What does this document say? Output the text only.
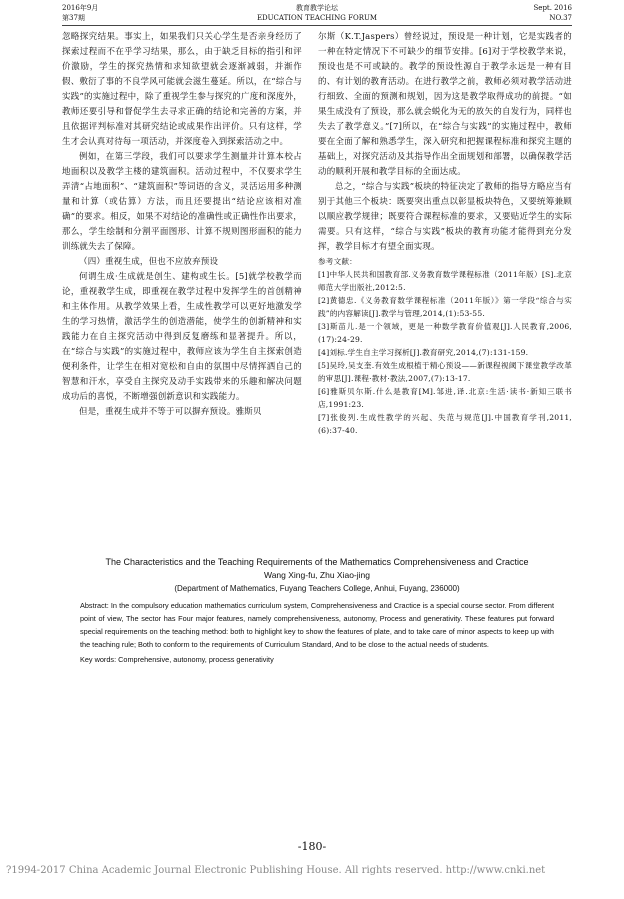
2016年9月
第37期
教育教学论坛
EDUCATION TEACHING FORUM
Sept. 2016
NO.37

忽略探究结果。事实上，如果我们只关心学生是否亲身经历了探索过程而不在乎学习结果，那么，由于缺乏目标的指引和评价激励，学生的探究热情和求知欲望就会逐渐减弱，并渐作假、敷衍了事的不良学风可能就会滋生蔓延。所以，在“综合与实践”的实施过程中，除了重视学生参与探究的广度和深度外，教师还要引导和督促学生去寻求正确的结论和完善的方案，并且依据评判标准对其研究结论或成果作出评价。只有这样，学生才会认真对待每一项活动，并深度卷入到探索活动之中。

例如，在第三学段，我们可以要求学生测量并计算本校占地面积以及教学主楼的建筑面积。活动过程中，不仅要求学生弄清“占地面积”、“建筑面积”等词语的含义，灵活运用多种测量和计算（或估算）方法，而且还要提出“结论应该相对准确”的要求。相反，如果不对结论的准确性或正确性作出要求，那么，学生绘制和分割平面图形、计算不规则图形面积的能力训练就失去了保障。

（四）重视生成，但也不应放弃预设

何谓生成·生成就是创生、建构或生长。[5]就学校教学而论，重视教学生成，即重视在教学过程中发挥学生的首创精神和主体作用。从教学效果上看，生成性教学可以更好地激发学生的学习热情，激活学生的创造潜能，使学生的创新精神和实践能力在自主探究活动中得到反复磨练和显著提升。所以，在“综合与实践”的实施过程中，教师应该为学生自主探索创造便利条件，让学生在相对宽松和自由的氛围中尽情挥洒自己的智慧和汗水，享受自主探究及动手实践带来的乐趣和解决问题成功后的喜悦，不断增强创新意识和实践能力。

但是，重视生成并不等于可以摒弃预设。雅斯贝

尔斯（K.T.Jaspers）曾经说过，预设是一种计划，它是实践者的一种在特定情况下不可缺少的细节安排。[6]对于学校教学来说，预设也是不可或缺的。教学的预设性源自于教学永远是一种有目的、有计划的教育活动。在进行教学之前，教师必须对教学活动进行细致、全面的预测和规划，因为这是教学取得成功的前提。“如果生成没有了预设，那么就会蜕化为无的放矢的自发行为，同样也失去了教学意义。”[7]所以，在“综合与实践”的实施过程中，教师要在全面了解和熟悉学生，深入研究和把握课程标准和探究主题的基础上，对探究活动及其指导作出全面规划和部署，以确保教学活动的顺利开展和教学目标的全面达成。

总之，“综合与实践”板块的特征决定了教师的指导方略应当有别于其他三个板块：既要突出重点以彰显板块特色，又要统筹兼顾以顺应教学规律；既要符合课程标准的要求，又要贴近学生的实际需要。只有这样，“综合与实践”板块的教育功能才能得到充分发挥，教学目标才有望全面实现。

参考文献：
[1]中华人民共和国教育部.义务教育数学课程标准（2011年版）[S].北京师范大学出版社,2012:5.
[2]黄德忠.《义务教育数学课程标准（2011年版）》第一学段“综合与实践”的内容解读[J].教学与管理,2014,(1):53-55.
[3]斯苗儿.是一个领域，更是一种数学教育价值观[J].人民教育,2006,(17):24-29.
[4]刘标.学生自主学习探析[J].教育研究,2014,(7):131-159.
[5]吴玲,吴支奎.有效生成根植于精心预设——新课程视阈下课堂教学改革的审思[J].课程·教材·教法,2007,(7):13-17.
[6]雅斯贝尔斯.什么是教育[M].邹进,译.北京:生活·读书·新知三联书店,1991:23.
[7]张俊列.生成性教学的兴起、失范与规范[J].中国教育学刊,2011,(6):37-40.
The Characteristics and the Teaching Requirements of the Mathematics Comprehensiveness and Cractice
Wang Xing-fu, Zhu Xiao-jing
(Department of Mathematics, Fuyang Teachers College, Anhui, Fuyang, 236000)
Abstract: In the compulsory education mathematics curriculum system, Comprehensiveness and Cractice is a special course sector. From different point of view, The sector has Four major features, namely comprehensiveness, autonomy, Process and generativity. These features put forward special requirements on the teaching method: both to highlight key to show the features of plate, and to take care of minor aspects to keep up with the teaching rule; Both to conform to the requirements of Curriculum Standard, And to be close to the actual needs of students.
Key words: Comprehensive, autonomy, process generativity
-180-
?1994-2017 China Academic Journal Electronic Publishing House. All rights reserved. http://www.cnki.net
